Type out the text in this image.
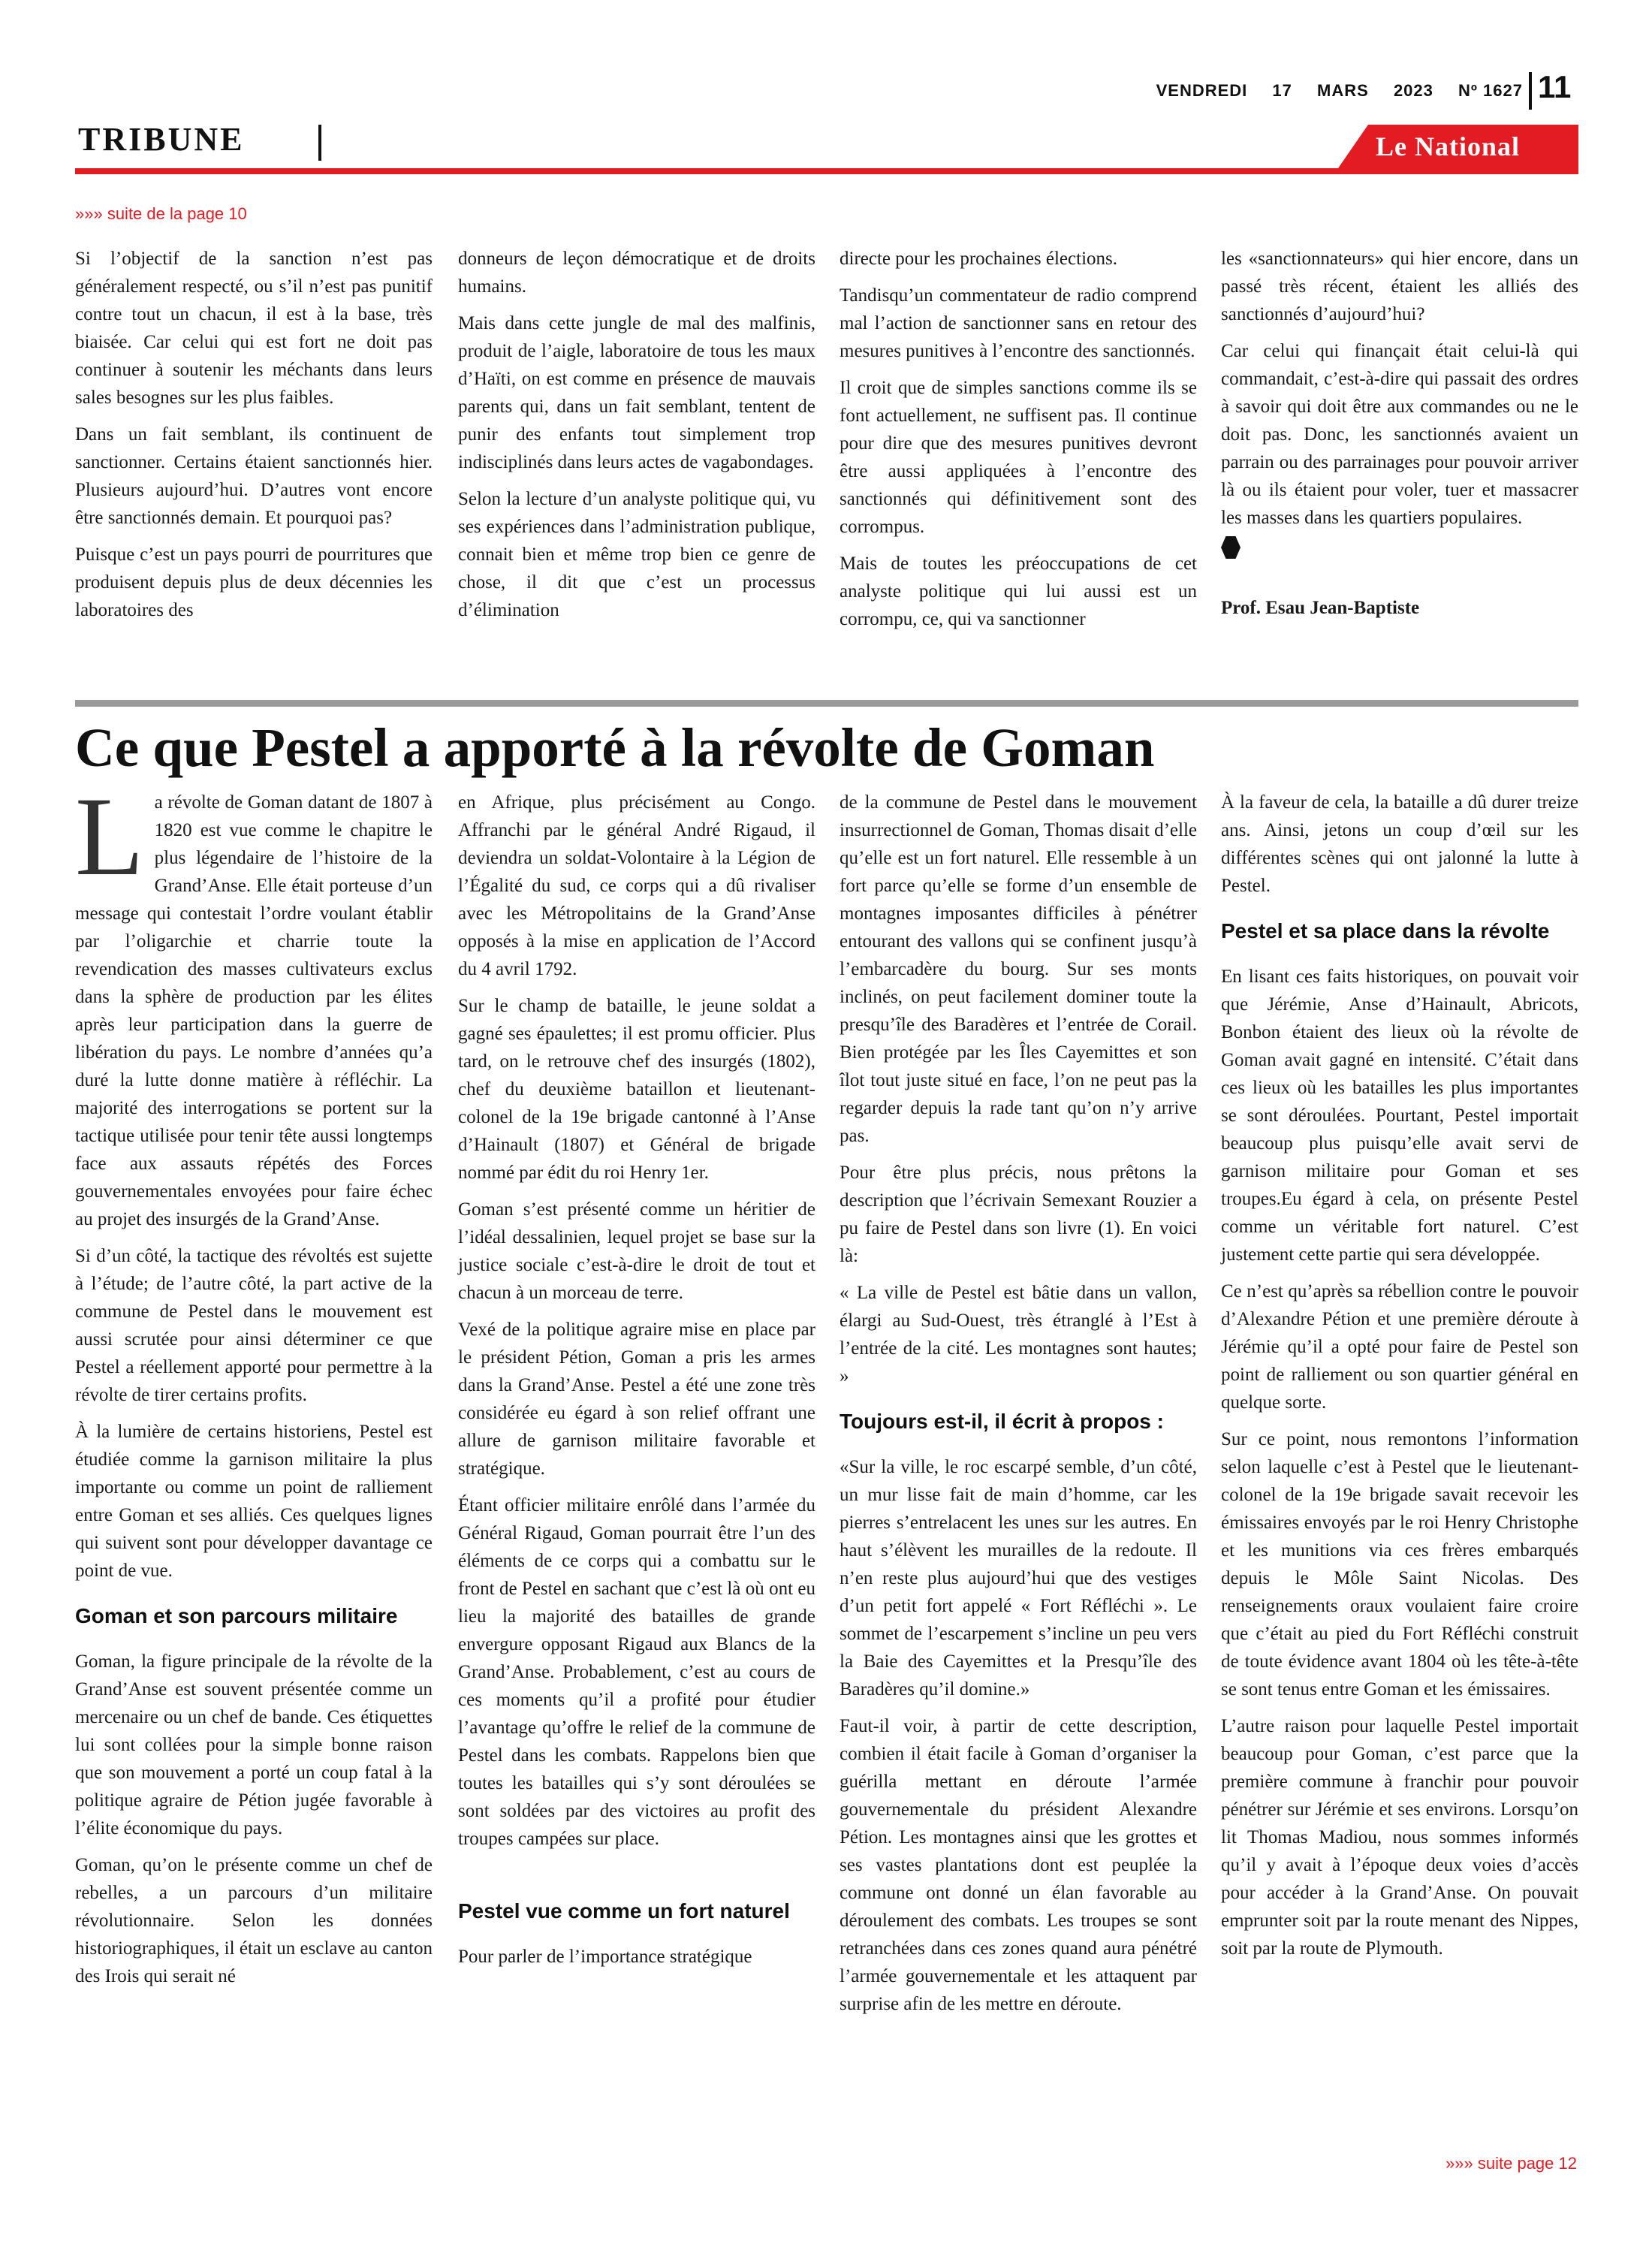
VENDREDI 17 MARS 2023 Nº 1627 11
TRIBUNE	Le National
»»» suite de la page 10

Si l’objectif de la sanction n’est pas généralement respecté, ou s’il n’est pas punitif contre tout un chacun, il est à la base, très biaisée. Car celui qui est fort ne doit pas continuer à soutenir les méchants dans leurs sales besognes sur les plus faibles.

Dans un fait semblant, ils continuent de sanctionner. Certains étaient sanctionnés hier. Plusieurs aujourd’hui. D’autres vont encore être sanctionnés demain. Et pourquoi pas?

Puisque c’est un pays pourri de pourritures que produisent depuis plus de deux décennies les laboratoires des

donneurs de leçon démocratique et de droits humains.

Mais dans cette jungle de mal des malfinis, produit de l’aigle, laboratoire de tous les maux d’Haïti, on est comme en présence de mauvais parents qui, dans un fait semblant, tentent de punir des enfants tout simplement trop indisciplinés dans leurs actes de vagabondages.

Selon la lecture d’un analyste politique qui, vu ses expériences dans l’administration publique, connait bien et même trop bien ce genre de chose, il dit que c’est un processus d’élimination

directe pour les prochaines élections.

Tandisqu’un commentateur de radio comprend mal l’action de sanctionner sans en retour des mesures punitives à l’encontre des sanctionnés.

Il croit que de simples sanctions comme ils se font actuellement, ne suffisent pas. Il continue pour dire que des mesures punitives devront être aussi appliquées à l’encontre des sanctionnés qui définitivement sont des corrompus.

Mais de toutes les préoccupations de cet analyste politique qui lui aussi est un corrompu, ce, qui va sanctionner

les «sanctionnateurs» qui hier encore, dans un passé très récent, étaient les alliés des sanctionnés d’aujourd’hui?

Car celui qui finançait était celui-là qui commandait, c’est-à-dire qui passait des ordres à savoir qui doit être aux commandes ou ne le doit pas. Donc, les sanctionnés avaient un parrain ou des parrainages pour pouvoir arriver là ou ils étaient pour voler, tuer et massacrer les masses dans les quartiers populaires.

Prof. Esau Jean-Baptiste
Ce que Pestel a apporté à la révolte de Goman

La révolte de Goman datant de 1807 à 1820 est vue comme le chapitre le plus légendaire de l’histoire de la Grand’Anse. Elle était porteuse d’un message qui contestait l’ordre voulant établir par l’oligarchie et charrie toute la revendication des masses cultivateurs exclus dans la sphère de production par les élites après leur participation dans la guerre de libération du pays. Le nombre d’années qu’a duré la lutte donne matière à réfléchir. La majorité des interrogations se portent sur la tactique utilisée pour tenir tête aussi longtemps face aux assauts répétés des Forces gouvernementales envoyées pour faire échec au projet des insurgés de la Grand’Anse.

Si d’un côté, la tactique des révoltés est sujette à l’étude; de l’autre côté, la part active de la commune de Pestel dans le mouvement est aussi scrutée pour ainsi déterminer ce que Pestel a réellement apporté pour permettre à la révolte de tirer certains profits.

À la lumière de certains historiens, Pestel est étudiée comme la garnison militaire la plus importante ou comme un point de ralliement entre Goman et ses alliés. Ces quelques lignes qui suivent sont pour développer davantage ce point de vue.

Goman et son parcours militaire

Goman, la figure principale de la révolte de la Grand’Anse est souvent présentée comme un mercenaire ou un chef de bande. Ces étiquettes lui sont collées pour la simple bonne raison que son mouvement a porté un coup fatal à la politique agraire de Pétion jugée favorable à l’élite économique du pays.

Goman, qu’on le présente comme un chef de rebelles, a un parcours d’un militaire révolutionnaire. Selon les données historiographiques, il était un esclave au canton des Irois qui serait né

en Afrique, plus précisément au Congo. Affranchi par le général André Rigaud, il deviendra un soldat-Volontaire à la Légion de l’Égalité du sud, ce corps qui a dû rivaliser avec les Métropolitains de la Grand’Anse opposés à la mise en application de l’Accord du 4 avril 1792.

Sur le champ de bataille, le jeune soldat a gagné ses épaulettes; il est promu officier. Plus tard, on le retrouve chef des insurgés (1802), chef du deuxième bataillon et lieutenant-colonel de la 19e brigade cantonné à l’Anse d’Hainault (1807) et Général de brigade nommé par édit du roi Henry 1er.

Goman s’est présenté comme un héritier de l’idéal dessalinien, lequel projet se base sur la justice sociale c’est-à-dire le droit de tout et chacun à un morceau de terre.

Vexé de la politique agraire mise en place par le président Pétion, Goman a pris les armes dans la Grand’Anse. Pestel a été une zone très considérée eu égard à son relief offrant une allure de garnison militaire favorable et stratégique.

Étant officier militaire enrôlé dans l’armée du Général Rigaud, Goman pourrait être l’un des éléments de ce corps qui a combattu sur le front de Pestel en sachant que c’est là où ont eu lieu la majorité des batailles de grande envergure opposant Rigaud aux Blancs de la Grand’Anse. Probablement, c’est au cours de ces moments qu’il a profité pour étudier l’avantage qu’offre le relief de la commune de Pestel dans les combats. Rappelons bien que toutes les batailles qui s’y sont déroulées se sont soldées par des victoires au profit des troupes campées sur place.

Pestel vue comme un fort naturel

Pour parler de l’importance stratégique

de la commune de Pestel dans le mouvement insurrectionnel de Goman, Thomas disait d’elle qu’elle est un fort naturel. Elle ressemble à un fort parce qu’elle se forme d’un ensemble de montagnes imposantes difficiles à pénétrer entourant des vallons qui se confinent jusqu’à l’embarcadère du bourg. Sur ses monts inclinés, on peut facilement dominer toute la presqu’île des Baradères et l’entrée de Corail. Bien protégée par les Îles Cayemittes et son îlot tout juste situé en face, l’on ne peut pas la regarder depuis la rade tant qu’on n’y arrive pas.

Pour être plus précis, nous prêtons la description que l’écrivain Semexant Rouzier a pu faire de Pestel dans son livre (1). En voici là:

« La ville de Pestel est bâtie dans un vallon, élargi au Sud-Ouest, très étranglé à l’Est à l’entrée de la cité. Les montagnes sont hautes; »

Toujours est-il, il écrit à propos :

«Sur la ville, le roc escarpé semble, d’un côté, un mur lisse fait de main d’homme, car les pierres s’entrelacent les unes sur les autres. En haut s’élèvent les murailles de la redoute. Il n’en reste plus aujourd’hui que des vestiges d’un petit fort appelé « Fort Réfléchi ». Le sommet de l’escarpement s’incline un peu vers la Baie des Cayemittes et la Presqu’île des Baradères qu’il domine.»

Faut-il voir, à partir de cette description, combien il était facile à Goman d’organiser la guérilla mettant en déroute l’armée gouvernementale du président Alexandre Pétion. Les montagnes ainsi que les grottes et ses vastes plantations dont est peuplée la commune ont donné un élan favorable au déroulement des combats. Les troupes se sont retranchées dans ces zones quand aura pénétré l’armée gouvernementale et les attaquent par surprise afin de les mettre en déroute.

À la faveur de cela, la bataille a dû durer treize ans. Ainsi, jetons un coup d’œil sur les différentes scènes qui ont jalonné la lutte à Pestel.

Pestel et sa place dans la révolte

En lisant ces faits historiques, on pouvait voir que Jérémie, Anse d’Hainault, Abricots, Bonbon étaient des lieux où la révolte de Goman avait gagné en intensité. C’était dans ces lieux où les batailles les plus importantes se sont déroulées. Pourtant, Pestel importait beaucoup plus puisqu’elle avait servi de garnison militaire pour Goman et ses troupes.Eu égard à cela, on présente Pestel comme un véritable fort naturel. C’est justement cette partie qui sera développée.

Ce n’est qu’après sa rébellion contre le pouvoir d’Alexandre Pétion et une première déroute à Jérémie qu’il a opté pour faire de Pestel son point de ralliement ou son quartier général en quelque sorte.

Sur ce point, nous remontons l’information selon laquelle c’est à Pestel que le lieutenant-colonel de la 19e brigade savait recevoir les émissaires envoyés par le roi Henry Christophe et les munitions via ces frères embarqués depuis le Môle Saint Nicolas. Des renseignements oraux voulaient faire croire que c’était au pied du Fort Réfléchi construit de toute évidence avant 1804 où les tête-à-tête se sont tenus entre Goman et les émissaires.

L’autre raison pour laquelle Pestel importait beaucoup pour Goman, c’est parce que la première commune à franchir pour pouvoir pénétrer sur Jérémie et ses environs. Lorsqu’on lit Thomas Madiou, nous sommes informés qu’il y avait à l’époque deux voies d’accès pour accéder à la Grand’Anse. On pouvait emprunter soit par la route menant des Nippes, soit par la route de Plymouth.

»»» suite page 12
